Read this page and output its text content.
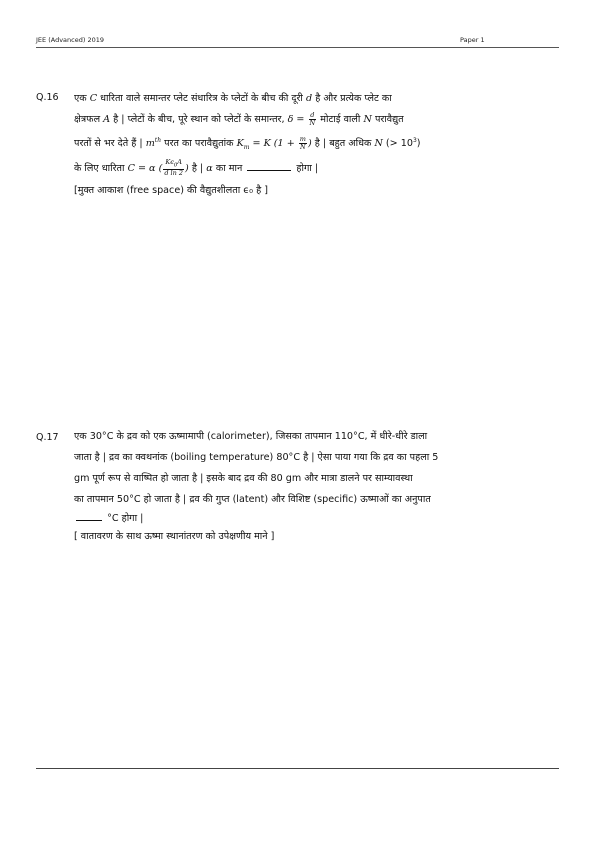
JEE (Advanced) 2019	Paper 1
Q.16 एक C धारिता वाले समान्तर प्लेट संधारित्र के प्लेटों के बीच की दूरी d है और प्रत्येक प्लेट का

क्षेत्रफल A है | प्लेटों के बीच, पूरे स्थान को प्लेटों के समान्तर, $\delta = \frac{d}{N}$ मोटाई वाली N परावैद्युत

परतों से भर देते हैं | $m^{th}$ परत का परावैद्युतांक $K_m = K$ ($1 + \frac{m}{N}$ ) है | बहुत अधिक N (> $10^3$)

के लिए धारिता C = α ( $\frac{K\epsilon_0A}{\text{d ln 2}}$ ) है | α का मान	होगा |

[मुक्त आकाश (free space) की वैद्युतशीलता ϵ₀ है ]

Q.17 एक 30°C के द्रव को एक ऊष्मामापी (calorimeter), जिसका तापमान 110°C, में धीरे-धीरे डाला

जाता है | द्रव का क्वथनांक (boiling temperature) 80°C है | ऐसा पाया गया कि द्रव का पहला 5

gm पूर्ण रूप से वाष्पित हो जाता है | इसके बाद द्रव की 80 gm और मात्रा डालने पर साम्यावस्था

का तापमान 50°C हो जाता है | द्रव की गुप्त (latent) और विशिष्ट (specific) ऊष्माओं का अनुपात

°C होगा |

[ वातावरण के साथ ऊष्मा स्थानांतरण को उपेक्षणीय माने ]
